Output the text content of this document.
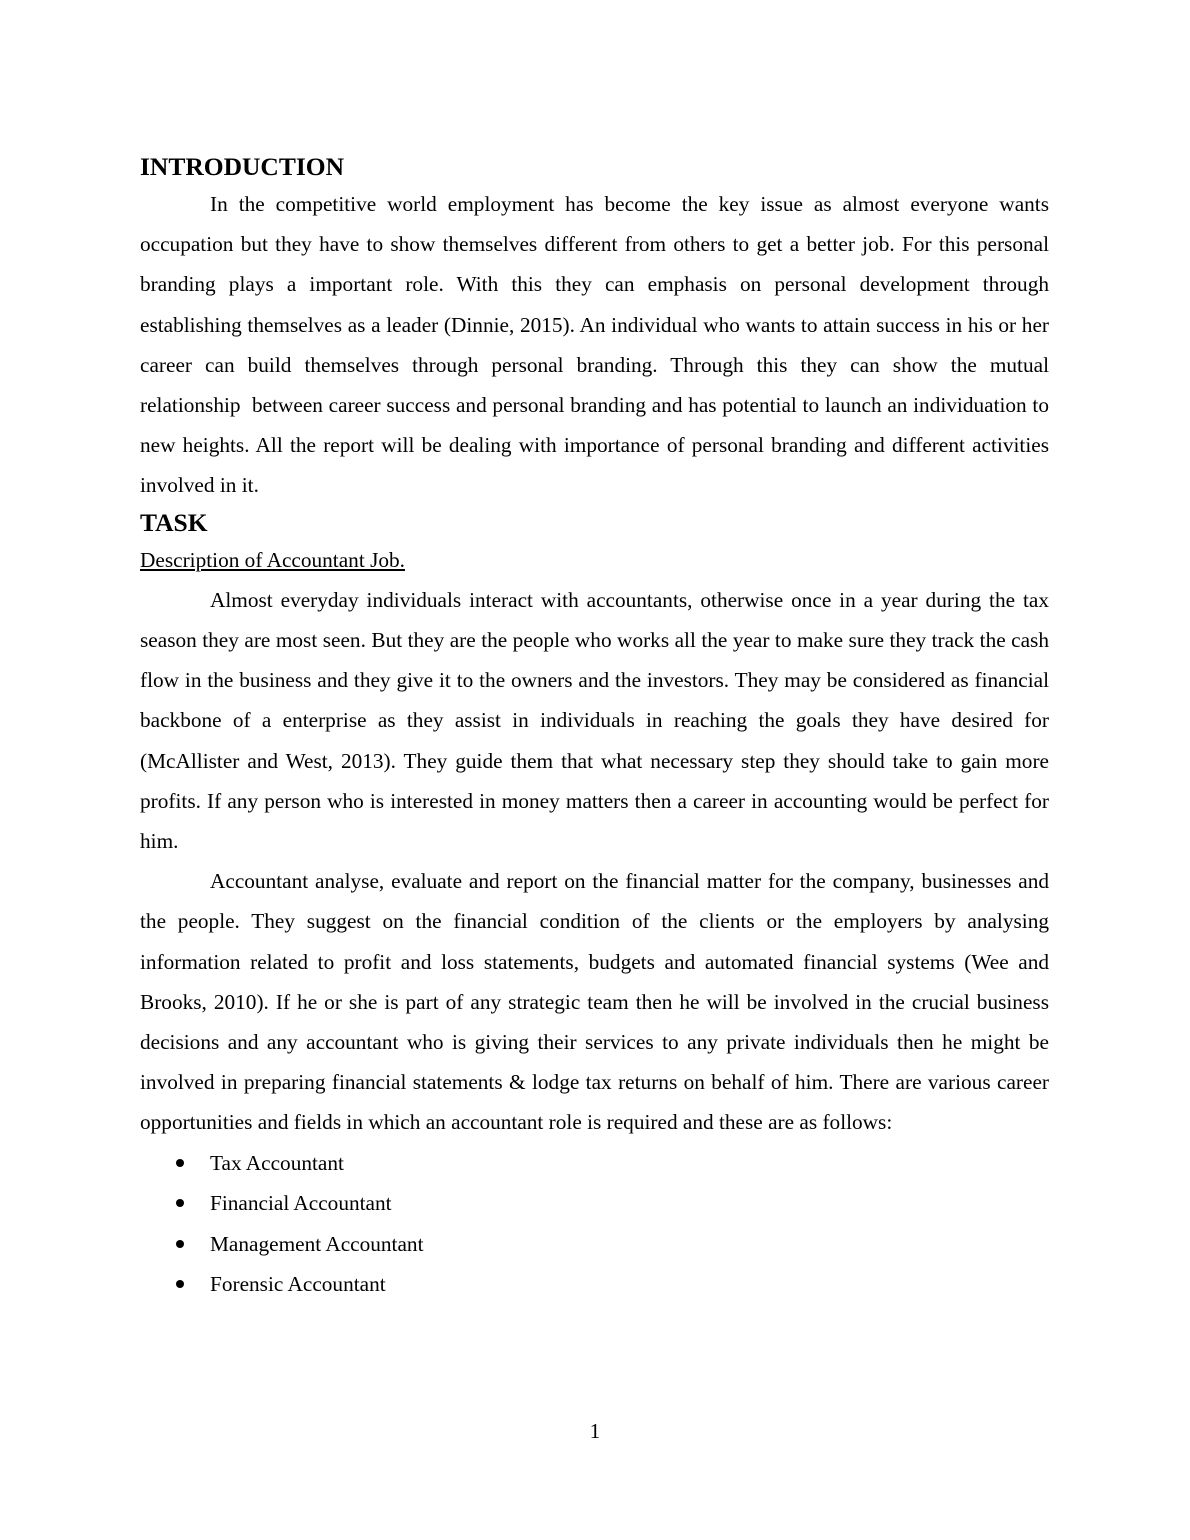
INTRODUCTION

In the competitive world employment has become the key issue as almost everyone wants occupation but they have to show themselves different from others to get a better job. For this personal branding plays a important role. With this they can emphasis on personal development through establishing themselves as a leader (Dinnie, 2015). An individual who wants to attain success in his or her career can build themselves through personal branding. Through this they can show the mutual relationship  between career success and personal branding and has potential to launch an individuation to new heights. All the report will be dealing with importance of personal branding and different activities involved in it.

TASK

Description of Accountant Job.

Almost everyday individuals interact with accountants, otherwise once in a year during the tax season they are most seen. But they are the people who works all the year to make sure they track the cash flow in the business and they give it to the owners and the investors. They may be considered as financial backbone of a enterprise as they assist in individuals in reaching the goals they have desired for (McAllister and West, 2013). They guide them that what necessary step they should take to gain more profits. If any person who is interested in money matters then a career in accounting would be perfect for him.

Accountant analyse, evaluate and report on the financial matter for the company, businesses and the people. They suggest on the financial condition of the clients or the employers by analysing information related to profit and loss statements, budgets and automated financial systems (Wee and Brooks, 2010). If he or she is part of any strategic team then he will be involved in the crucial business decisions and any accountant who is giving their services to any private individuals then he might be involved in preparing financial statements & lodge tax returns on behalf of him. There are various career opportunities and fields in which an accountant role is required and these are as follows:

Tax Accountant
Financial Accountant
Management Accountant
Forensic Accountant
1
